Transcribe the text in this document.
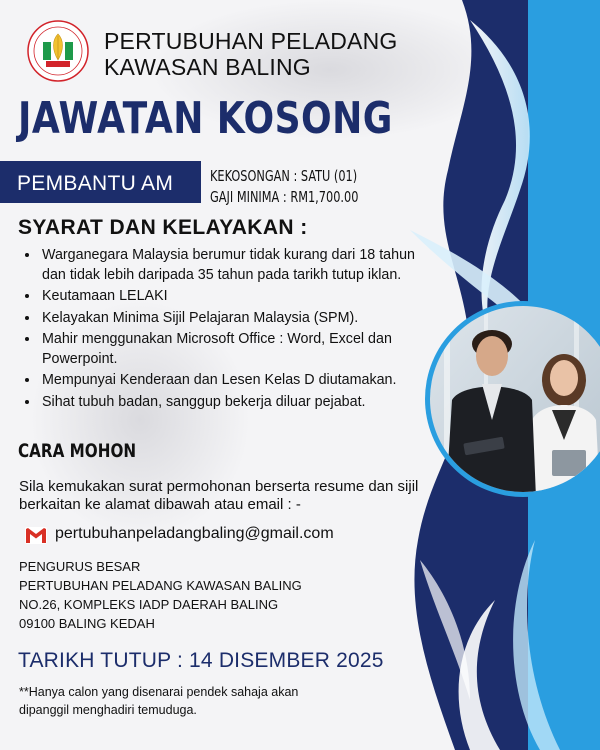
PERTUBUHAN PELADANG
KAWASAN BALING
JAWATAN KOSONG
PEMBANTU AM KEKOSONGAN : SATU (01)
GAJI MINIMA : RM1,700.00
SYARAT DAN KELAYAKAN :
• Warganegara Malaysia berumur tidak kurang dari 18 tahun dan tidak lebih daripada 35 tahun pada tarikh tutup iklan.
• Keutamaan LELAKI
• Kelayakan Minima Sijil Pelajaran Malaysia (SPM).
• Mahir menggunakan Microsoft Office : Word, Excel dan Powerpoint.
• Mempunyai Kenderaan dan Lesen Kelas D diutamakan.
• Sihat tubuh badan, sanggup bekerja diluar pejabat.
CARA MOHON
Sila kemukakan surat permohonan berserta resume dan sijil berkaitan ke alamat dibawah atau email : -
pertubuhanpeladangbaling@gmail.com
PENGURUS BESAR
PERTUBUHAN PELADANG KAWASAN BALING
NO.26, KOMPLEKS IADP DAERAH BALING
09100 BALING KEDAH
TARIKH TUTUP : 14 DISEMBER 2025
**Hanya calon yang disenarai pendek sahaja akan
dipanggil menghadiri temuduga.
